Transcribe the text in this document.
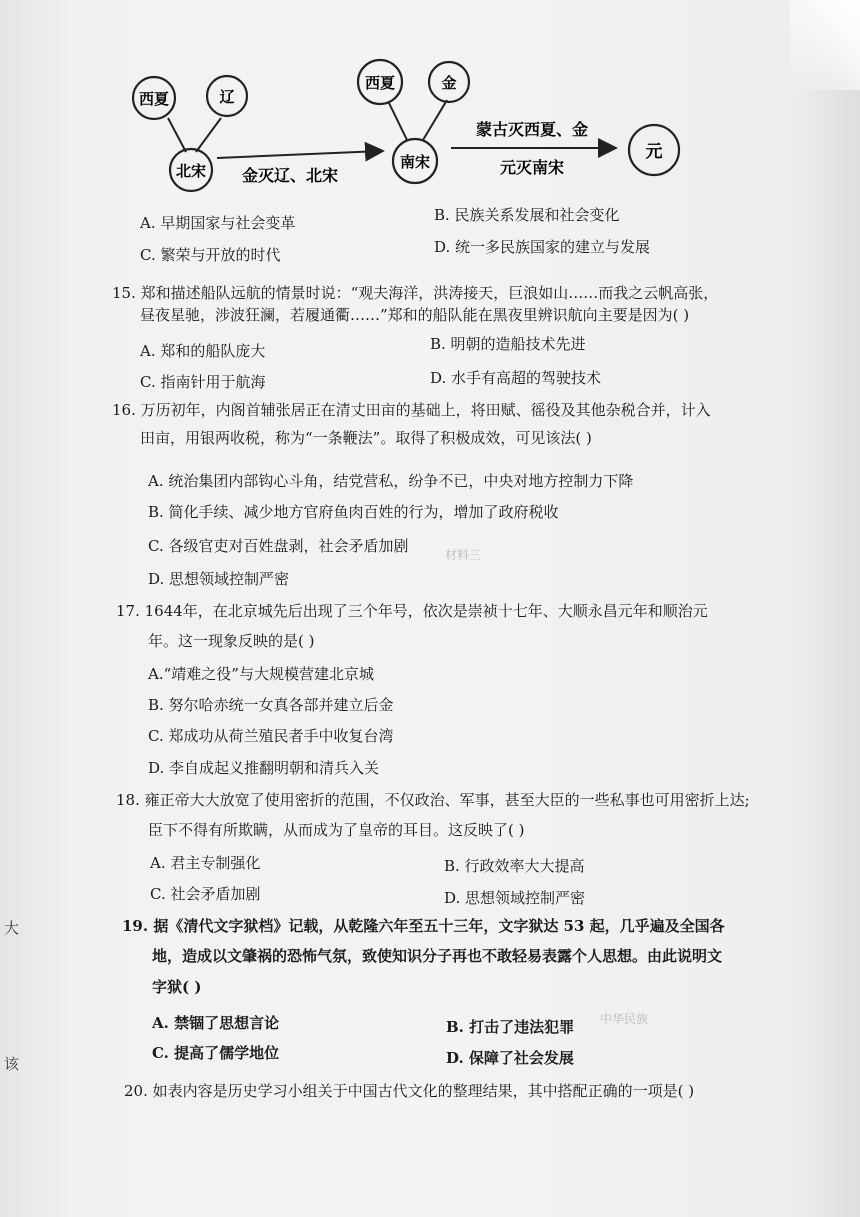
材料三
中华民族
西夏	辽
北宋
西夏	金
南宋	元
金灭辽、北宋
蒙古灭西夏、金
元灭南宋
A. 早期国家与社会变革	B. 民族关系发展和社会变化
C. 繁荣与开放的时代	D. 统一多民族国家的建立与发展
15. 郑和描述船队远航的情景时说：“观夫海洋，洪涛接天，巨浪如山……而我之云帆高张，
昼夜星驰，涉波狂澜，若履通衢……”郑和的船队能在黑夜里辨识航向主要是因为( )
A. 郑和的船队庞大	B. 明朝的造船技术先进
C. 指南针用于航海	D. 水手有高超的驾驶技术
16. 万历初年，内阁首辅张居正在清丈田亩的基础上，将田赋、徭役及其他杂税合并，计入
田亩，用银两收税，称为“一条鞭法”。取得了积极成效，可见该法( )
A. 统治集团内部钩心斗角，结党营私，纷争不已，中央对地方控制力下降
B. 简化手续、减少地方官府鱼肉百姓的行为，增加了政府税收
C. 各级官吏对百姓盘剥，社会矛盾加剧
D. 思想领域控制严密
17. 1644年，在北京城先后出现了三个年号，依次是崇祯十七年、大顺永昌元年和顺治元
年。这一现象反映的是( )
A.“靖难之役”与大规模营建北京城
B. 努尔哈赤统一女真各部并建立后金
C. 郑成功从荷兰殖民者手中收复台湾
D. 李自成起义推翻明朝和清兵入关
18. 雍正帝大大放宽了使用密折的范围，不仅政治、军事，甚至大臣的一些私事也可用密折上达;
臣下不得有所欺瞒，从而成为了皇帝的耳目。这反映了( )
A. 君主专制强化	B. 行政效率大大提高
C. 社会矛盾加剧	D. 思想领域控制严密
19. 据《清代文字狱档》记载，从乾隆六年至五十三年，文字狱达 53 起，几乎遍及全国各
地，造成以文肇祸的恐怖气氛，致使知识分子再也不敢轻易表露个人思想。由此说明文
字狱( )
A. 禁锢了思想言论	B. 打击了违法犯罪
C. 提高了儒学地位	D. 保障了社会发展
20. 如表内容是历史学习小组关于中国古代文化的整理结果，其中搭配正确的一项是( )
大
该
